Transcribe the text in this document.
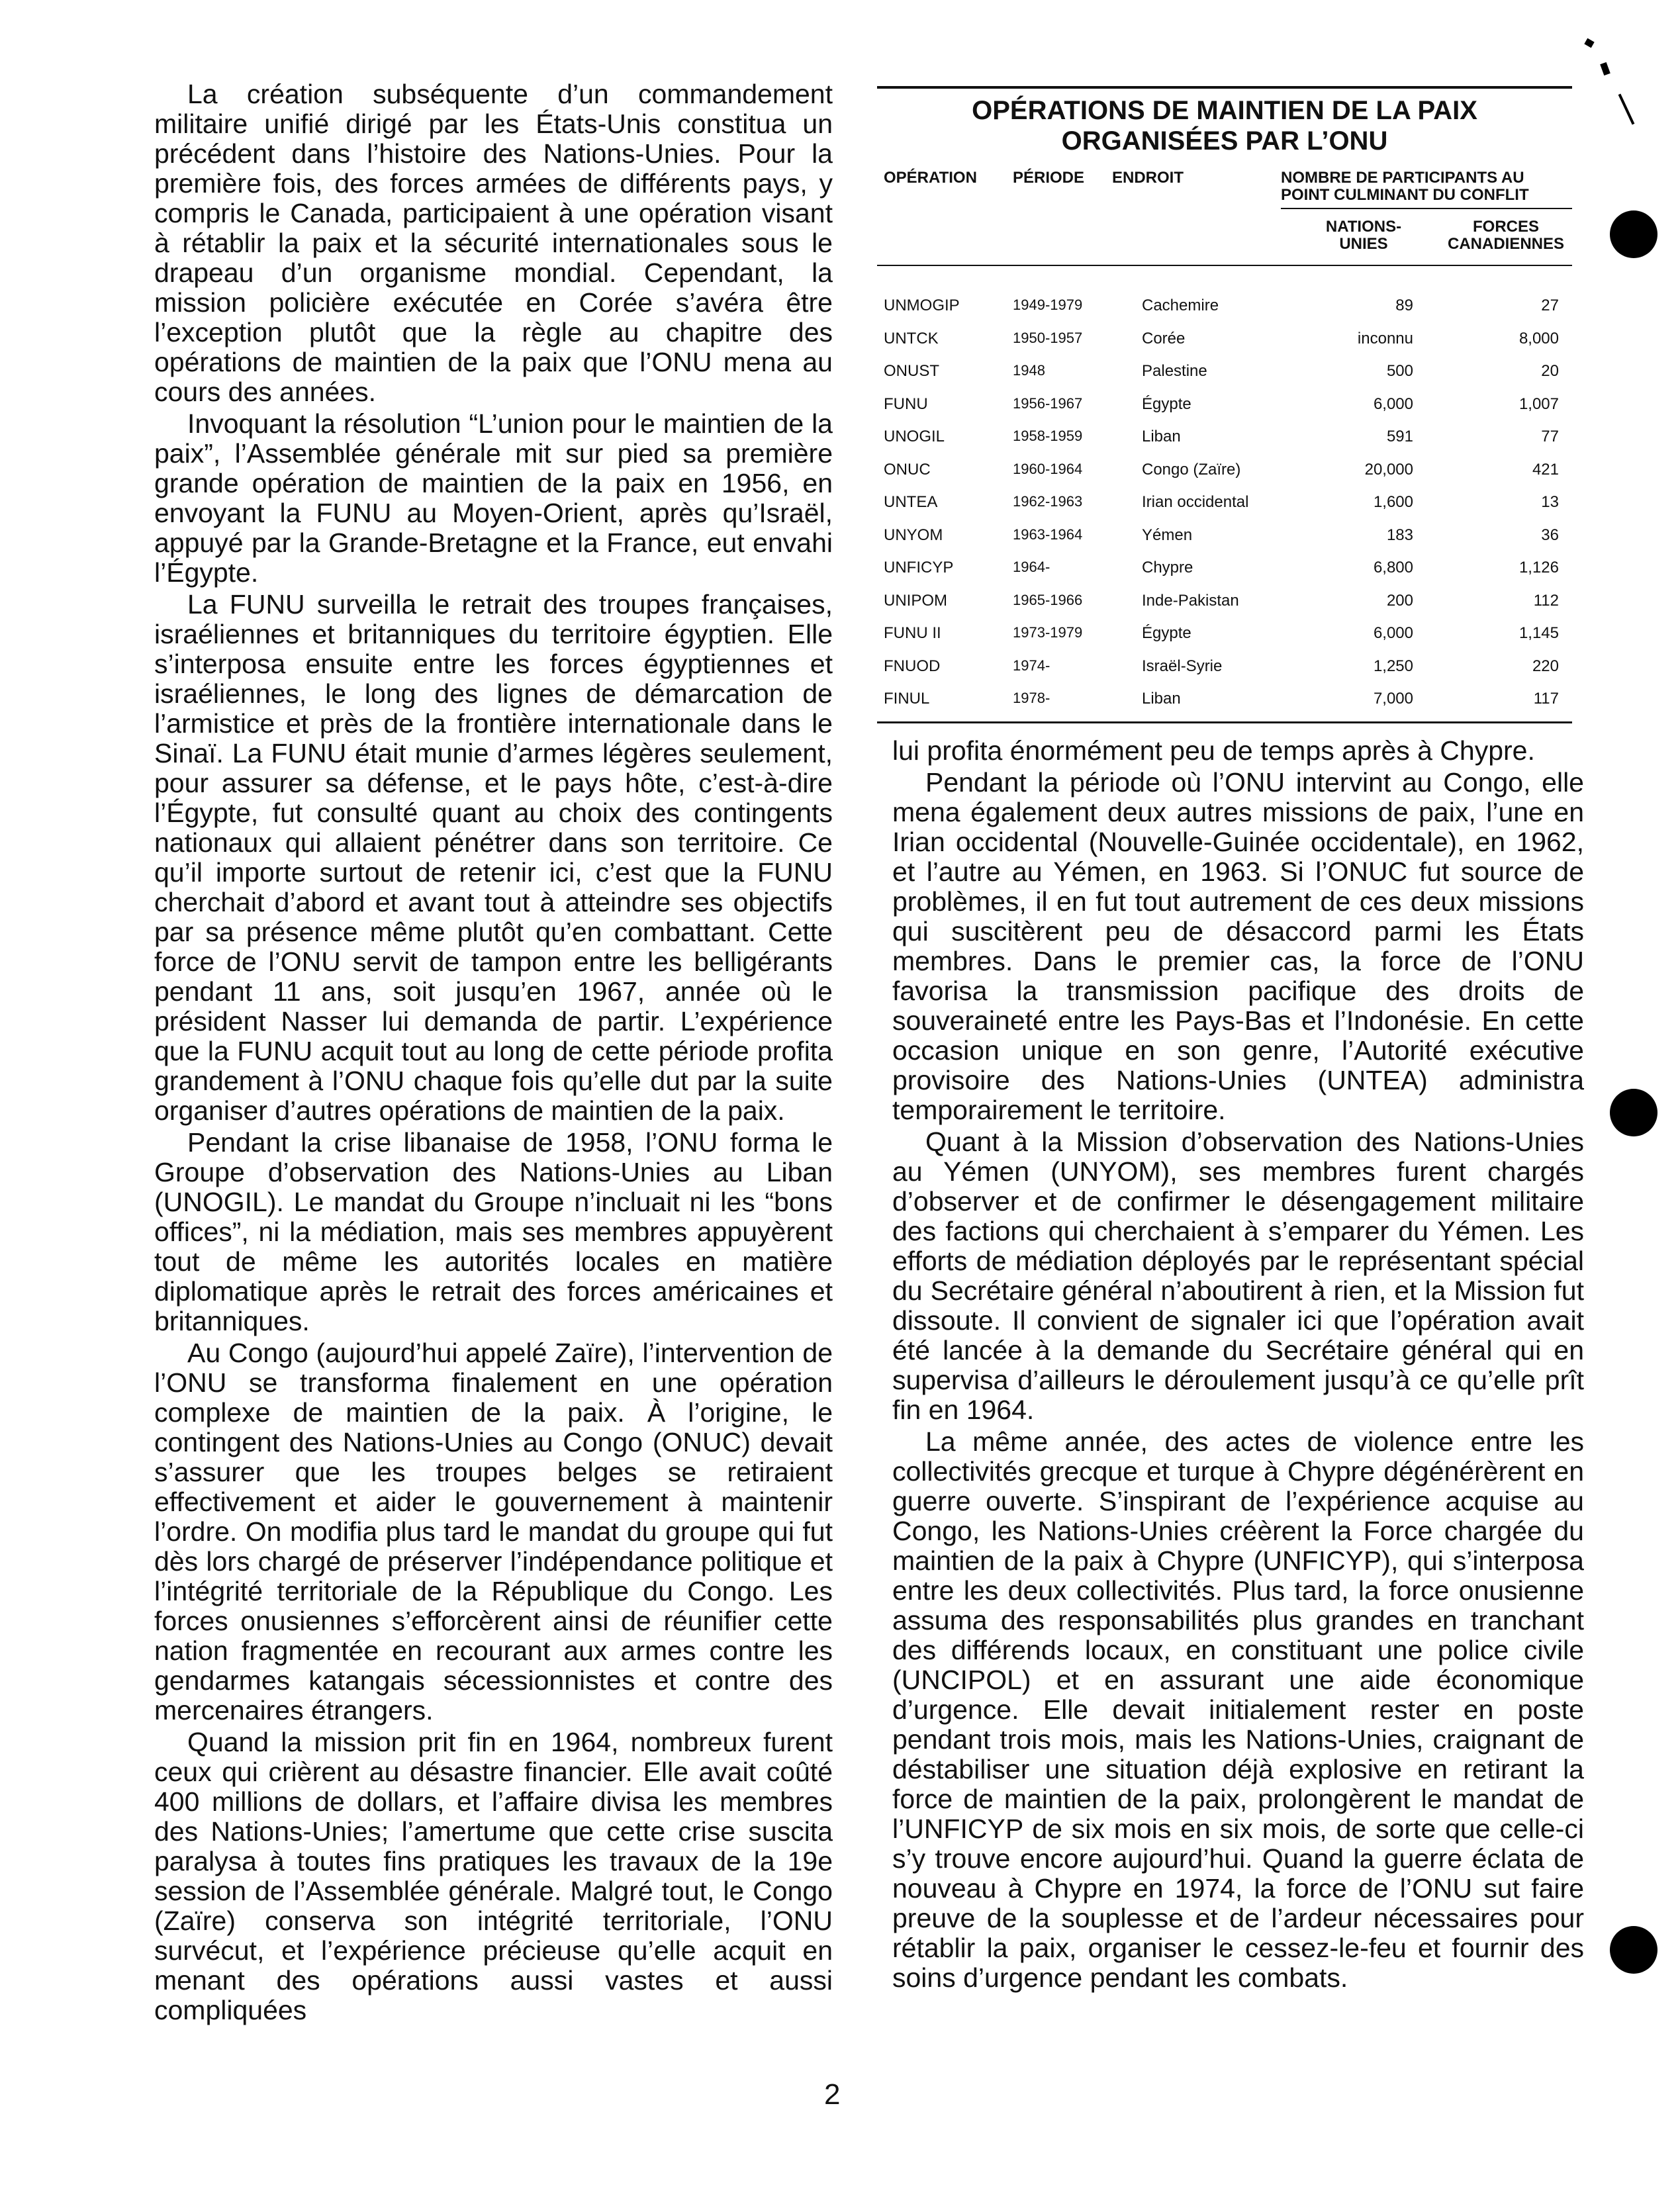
La création subséquente d’un commandement militaire unifié dirigé par les États-Unis constitua un précédent dans l’histoire des Nations-Unies. Pour la première fois, des forces armées de différents pays, y compris le Canada, participaient à une opération visant à rétablir la paix et la sécurité internationales sous le drapeau d’un organisme mondial. Cependant, la mission policière exécutée en Corée s’avéra être l’exception plutôt que la règle au chapitre des opérations de maintien de la paix que l’ONU mena au cours des années.

Invoquant la résolution “L’union pour le maintien de la paix”, l’Assemblée générale mit sur pied sa première grande opération de maintien de la paix en 1956, en envoyant la FUNU au Moyen-Orient, après qu’Israël, appuyé par la Grande-Bretagne et la France, eut envahi l’Égypte.

La FUNU surveilla le retrait des troupes françaises, israéliennes et britanniques du territoire égyptien. Elle s’interposa ensuite entre les forces égyptiennes et israéliennes, le long des lignes de démarcation de l’armistice et près de la frontière internationale dans le Sinaï. La FUNU était munie d’armes légères seulement, pour assurer sa défense, et le pays hôte, c’est-à-dire l’Égypte, fut consulté quant au choix des contingents nationaux qui allaient pénétrer dans son territoire. Ce qu’il importe surtout de retenir ici, c’est que la FUNU cherchait d’abord et avant tout à atteindre ses objectifs par sa présence même plutôt qu’en combattant. Cette force de l’ONU servit de tampon entre les belligérants pendant 11 ans, soit jusqu’en 1967, année où le président Nasser lui demanda de partir. L’expérience que la FUNU acquit tout au long de cette période profita grandement à l’ONU chaque fois qu’elle dut par la suite organiser d’autres opérations de maintien de la paix.

Pendant la crise libanaise de 1958, l’ONU forma le Groupe d’observation des Nations-Unies au Liban (UNOGIL). Le mandat du Groupe n’incluait ni les “bons offices”, ni la médiation, mais ses membres appuyèrent tout de même les autorités locales en matière diplomatique après le retrait des forces américaines et britanniques.

Au Congo (aujourd’hui appelé Zaïre), l’intervention de l’ONU se transforma finalement en une opération complexe de maintien de la paix. À l’origine, le contingent des Nations-Unies au Congo (ONUC) devait s’assurer que les troupes belges se retiraient effectivement et aider le gouvernement à maintenir l’ordre. On modifia plus tard le mandat du groupe qui fut dès lors chargé de préserver l’indépendance politique et l’intégrité territoriale de la République du Congo. Les forces onusiennes s’efforcèrent ainsi de réunifier cette nation fragmentée en recourant aux armes contre les gendarmes katangais sécessionnistes et contre des mercenaires étrangers.

Quand la mission prit fin en 1964, nombreux furent ceux qui crièrent au désastre financier. Elle avait coûté 400 millions de dollars, et l’affaire divisa les membres des Nations-Unies; l’amertume que cette crise suscita paralysa à toutes fins pratiques les travaux de la 19e session de l’Assemblée générale. Malgré tout, le Congo (Zaïre) conserva son intégrité territoriale, l’ONU survécut, et l’expérience précieuse qu’elle acquit en menant des opérations aussi vastes et aussi compliquées

OPÉRATIONS DE MAINTIEN DE LA PAIX
ORGANISÉES PAR L’ONU
OPÉRATION PÉRIODE ENDROIT	NOMBRE DE PARTICIPANTS AU
POINT CULMINANT DU CONFLIT
NATIONS-
UNIES
FORCES
CANADIENNES
UNMOGIP	1949-1979	Cachemire	89	27
UNTCK	1950-1957	Corée	inconnu	8,000
ONUST	1948	Palestine	500	20
FUNU	1956-1967	Égypte	6,000	1,007
UNOGIL	1958-1959	Liban	591	77
ONUC	1960-1964	Congo (Zaïre)	20,000	421
UNTEA	1962-1963	Irian occidental	1,600	13
UNYOM	1963-1964	Yémen	183	36
UNFICYP	1964-	Chypre	6,800	1,126
UNIPOM	1965-1966	Inde-Pakistan	200	112
FUNU II	1973-1979	Égypte	6,000	1,145
FNUOD	1974-	Israël-Syrie	1,250	220
FINUL	1978-	Liban	7,000	117

lui profita énormément peu de temps après à Chypre.

Pendant la période où l’ONU intervint au Congo, elle mena également deux autres missions de paix, l’une en Irian occidental (Nouvelle-Guinée occidentale), en 1962, et l’autre au Yémen, en 1963. Si l’ONUC fut source de problèmes, il en fut tout autrement de ces deux missions qui suscitèrent peu de désaccord parmi les États membres. Dans le premier cas, la force de l’ONU favorisa la transmission pacifique des droits de souveraineté entre les Pays-Bas et l’Indonésie. En cette occasion unique en son genre, l’Autorité exécutive provisoire des Nations-Unies (UNTEA) administra temporairement le territoire.

Quant à la Mission d’observation des Nations-Unies au Yémen (UNYOM), ses membres furent chargés d’observer et de confirmer le désengagement militaire des factions qui cherchaient à s’emparer du Yémen. Les efforts de médiation déployés par le représentant spécial du Secrétaire général n’aboutirent à rien, et la Mission fut dissoute. Il convient de signaler ici que l’opération avait été lancée à la demande du Secrétaire général qui en supervisa d’ailleurs le déroulement jusqu’à ce qu’elle prît fin en 1964.

La même année, des actes de violence entre les collectivités grecque et turque à Chypre dégénérèrent en guerre ouverte. S’inspirant de l’expérience acquise au Congo, les Nations-Unies créèrent la Force chargée du maintien de la paix à Chypre (UNFICYP), qui s’interposa entre les deux collectivités. Plus tard, la force onusienne assuma des responsabilités plus grandes en tranchant des différends locaux, en constituant une police civile (UNCIPOL) et en assurant une aide économique d’urgence. Elle devait initialement rester en poste pendant trois mois, mais les Nations-Unies, craignant de déstabiliser une situation déjà explosive en retirant la force de maintien de la paix, prolongèrent le mandat de l’UNFICYP de six mois en six mois, de sorte que celle-ci s’y trouve encore aujourd’hui. Quand la guerre éclata de nouveau à Chypre en 1974, la force de l’ONU sut faire preuve de la souplesse et de l’ardeur nécessaires pour rétablir la paix, organiser le cessez-le-feu et fournir des soins d’urgence pendant les combats.

2
